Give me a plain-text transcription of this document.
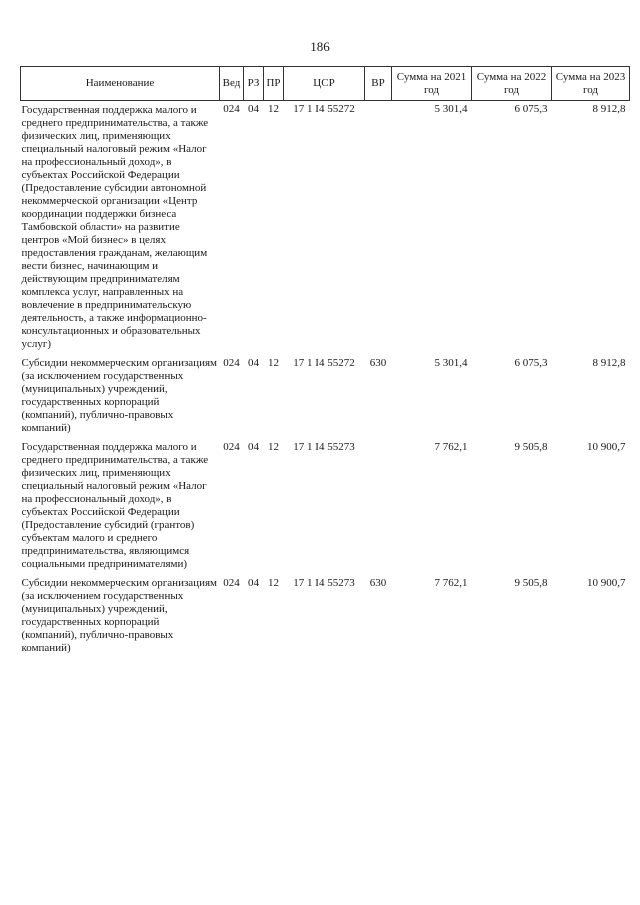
186
Наименование	Вед	РЗ	ПР	ЦСР	ВР	Сумма на 2021 год	Сумма на 2022 год	Сумма на 2023 год
Государственная поддержка малого и среднего предпринимательства, а также физических лиц, применяющих специальный налоговый режим «Налог на профессиональный доход», в субъектах Российской Федерации (Предоставление субсидии автономной некоммерческой организации «Центр координации поддержки бизнеса Тамбовской области» на развитие центров «Мой бизнес» в целях предоставления гражданам, желающим вести бизнес, начинающим и действующим предпринимателям комплекса услуг, направленных на вовлечение в предпринимательскую деятельность, а также информационно-консультационных и образовательных услуг)	024	04	12	17 1 I4 55272		5 301,4	6 075,3	8 912,8
Субсидии некоммерческим организациям (за исключением государственных (муниципальных) учреждений, государственных корпораций (компаний), публично-правовых компаний)	024	04	12	17 1 I4 55272	630	5 301,4	6 075,3	8 912,8
Государственная поддержка малого и среднего предпринимательства, а также физических лиц, применяющих специальный налоговый режим «Налог на профессиональный доход», в субъектах Российской Федерации (Предоставление субсидий (грантов) субъектам малого и среднего предпринимательства, являющимся социальными предпринимателями)	024	04	12	17 1 I4 55273		7 762,1	9 505,8	10 900,7
Субсидии некоммерческим организациям (за исключением государственных (муниципальных) учреждений, государственных корпораций (компаний), публично-правовых компаний)	024	04	12	17 1 I4 55273	630	7 762,1	9 505,8	10 900,7
